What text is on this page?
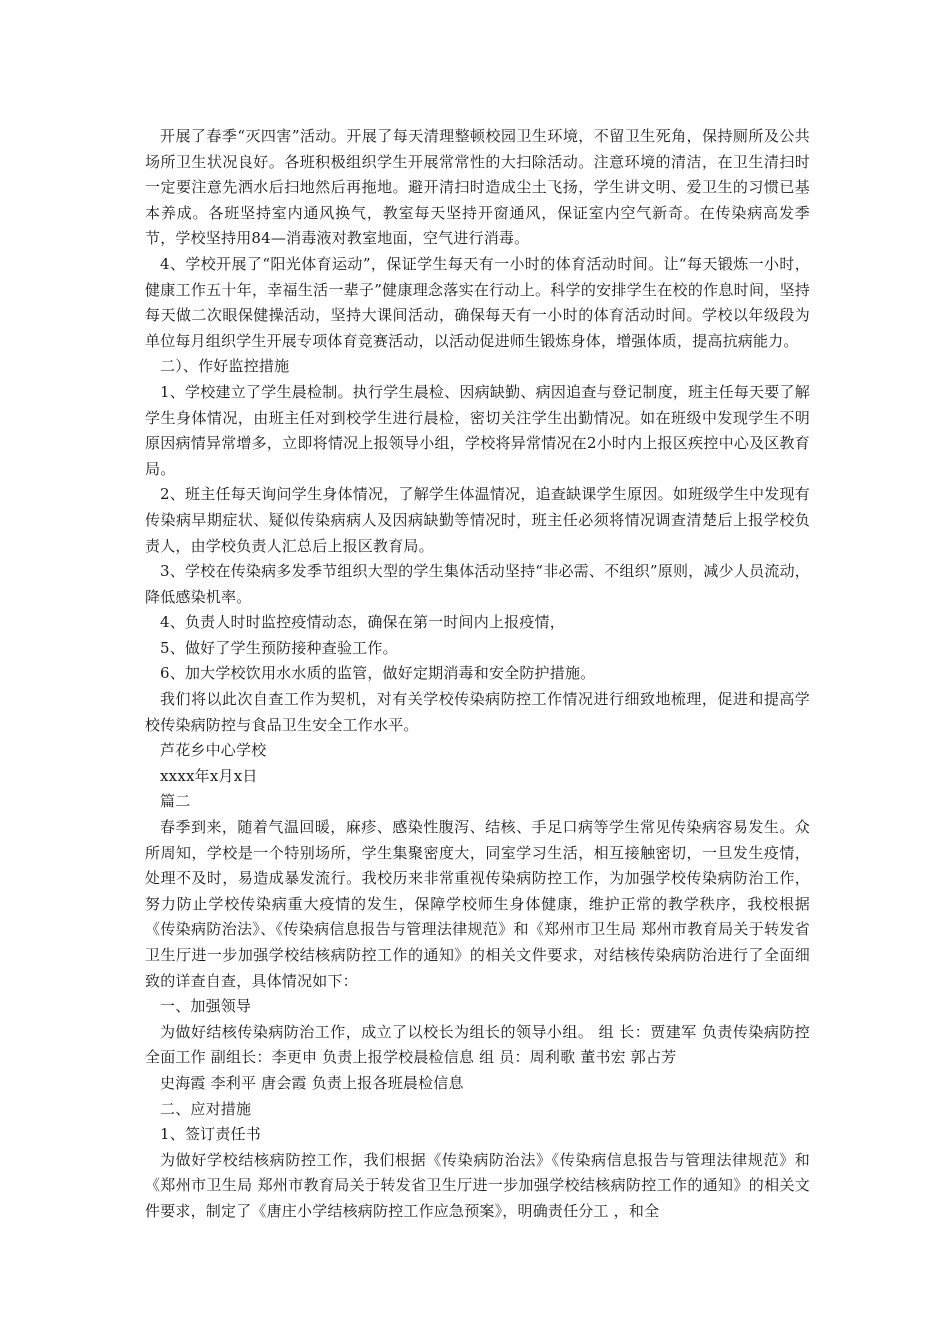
开展了春季“灭四害”活动。开展了每天清理整顿校园卫生环境，不留卫生死角，保持厕所及公共场所卫生状况良好。各班积极组织学生开展常常性的大扫除活动。注意环境的清洁，在卫生清扫时一定要注意先洒水后扫地然后再拖地。避开清扫时造成尘土飞扬，学生讲文明、爱卫生的习惯已基本养成。各班坚持室内通风换气，教室每天坚持开窗通风，保证室内空气新奇。在传染病高发季节，学校坚持用84—消毒液对教室地面，空气进行消毒。

4、学校开展了“阳光体育运动”，保证学生每天有一小时的体育活动时间。让“每天锻炼一小时，健康工作五十年，幸福生活一辈子”健康理念落实在行动上。科学的安排学生在校的作息时间，坚持每天做二次眼保健操活动，坚持大课间活动，确保每天有一小时的体育活动时间。学校以年级段为单位每月组织学生开展专项体育竞赛活动，以活动促进师生锻炼身体，增强体质，提高抗病能力。

二）、作好监控措施

1、学校建立了学生晨检制。执行学生晨检、因病缺勤、病因追查与登记制度，班主任每天要了解学生身体情况，由班主任对到校学生进行晨检，密切关注学生出勤情况。如在班级中发现学生不明原因病情异常增多，立即将情况上报领导小组，学校将异常情况在2小时内上报区疾控中心及区教育局。

2、班主任每天询问学生身体情况，了解学生体温情况，追查缺课学生原因。如班级学生中发现有传染病早期症状、疑似传染病病人及因病缺勤等情况时，班主任必须将情况调查清楚后上报学校负责人，由学校负责人汇总后上报区教育局。

3、学校在传染病多发季节组织大型的学生集体活动坚持“非必需、不组织”原则，减少人员流动，降低感染机率。

4、负责人时时监控疫情动态，确保在第一时间内上报疫情，

5、做好了学生预防接种查验工作。

6、加大学校饮用水水质的监管，做好定期消毒和安全防护措施。

我们将以此次自查工作为契机，对有关学校传染病防控工作情况进行细致地梳理，促进和提高学校传染病防控与食品卫生安全工作水平。

芦花乡中心学校

xxxx年x月x日

篇二

春季到来，随着气温回暖，麻疹、感染性腹泻、结核、手足口病等学生常见传染病容易发生。众所周知，学校是一个特别场所，学生集聚密度大，同室学习生活，相互接触密切，一旦发生疫情，处理不及时，易造成暴发流行。我校历来非常重视传染病防控工作，为加强学校传染病防治工作，努力防止学校传染病重大疫情的发生，保障学校师生身体健康，维护正常的教学秩序，我校根据《传染病防治法》、《传染病信息报告与管理法律规范》和《郑州市卫生局 郑州市教育局关于转发省卫生厅进一步加强学校结核病防控工作的通知》的相关文件要求，对结核传染病防治进行了全面细致的详查自查，具体情况如下：

一、加强领导

为做好结核传染病防治工作，成立了以校长为组长的领导小组。 组 长：贾建军 负责传染病防控全面工作 副组长：李更申 负责上报学校晨检信息 组 员：周利歌 董书宏 郭占芳

史海霞 李利平 唐会霞 负责上报各班晨检信息

二、应对措施

1、签订责任书

为做好学校结核病防控工作，我们根据《传染病防治法》《传染病信息报告与管理法律规范》和《郑州市卫生局 郑州市教育局关于转发省卫生厅进一步加强学校结核病防控工作的通知》的相关文件要求，制定了《唐庄小学结核病防控工作应急预案》，明确责任分工 ，和全
